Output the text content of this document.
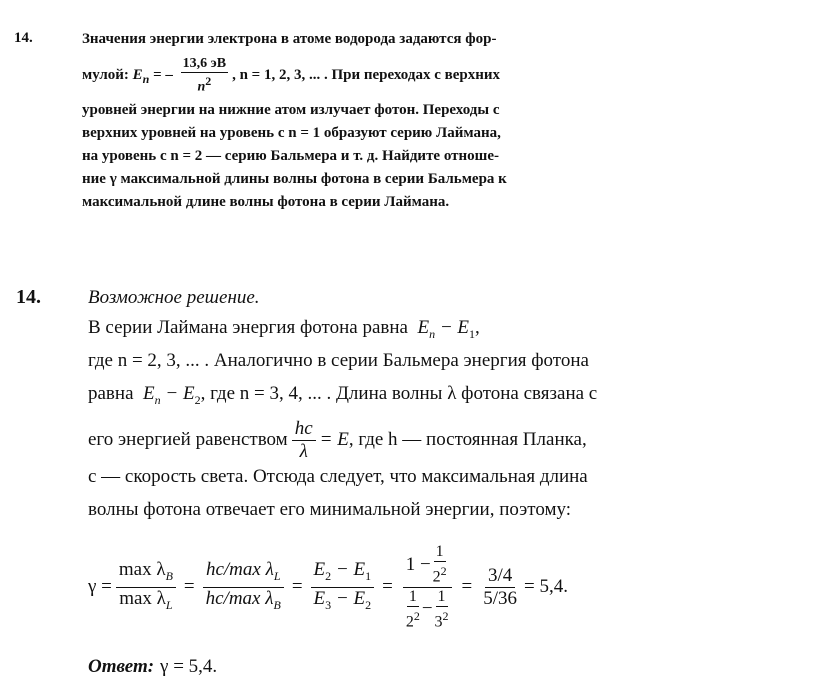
14.	Значения энергии электрона в атоме водорода задаются фор-
мулой:
$E_n$ = – $\frac{13,6 эВ}{n^2}$ , n = 1, 2, 3, ... . При переходах с верхних
уровней энергии на нижние атом излучает фотон. Переходы с
верхних уровней на уровень с n = 1 образуют серию Лаймана,
на уровень с n = 2 — серию Бальмера и т. д. Найдите отноше-
ние γ максимальной длины волны фотона в серии Бальмера к
максимальной длине волны фотона в серии Лаймана.
14. Возможное решение.
В серии Лаймана энергия фотона равна $E_n - E_1$,
где n = 2, 3, ... . Аналогично в серии Бальмера энергия фотона
равна $E_n - E_2$, где n = 3, 4, ... . Длина волны λ фотона связана с
его энергией равенством $\frac{hc}{\lambda} = E$ , где h — постоянная Планка,
c — скорость света. Отсюда следует, что максимальная длина
волны фотона отвечает его минимальной энергии, поэтому:
$\gamma = \frac{\max \lambda_B}{\max \lambda_L} = \frac{hc/\max \lambda_L}{hc/\max \lambda_B} = \frac{E_2 - E_1}{E_3 - E_2}$ =
$1 - \frac{1}{2^2}$
$\frac{1}{2^2} - \frac{1}{3^2}$
= $\frac{3/4}{5/36} = 5,4$.
Ответ: γ = 5,4.
